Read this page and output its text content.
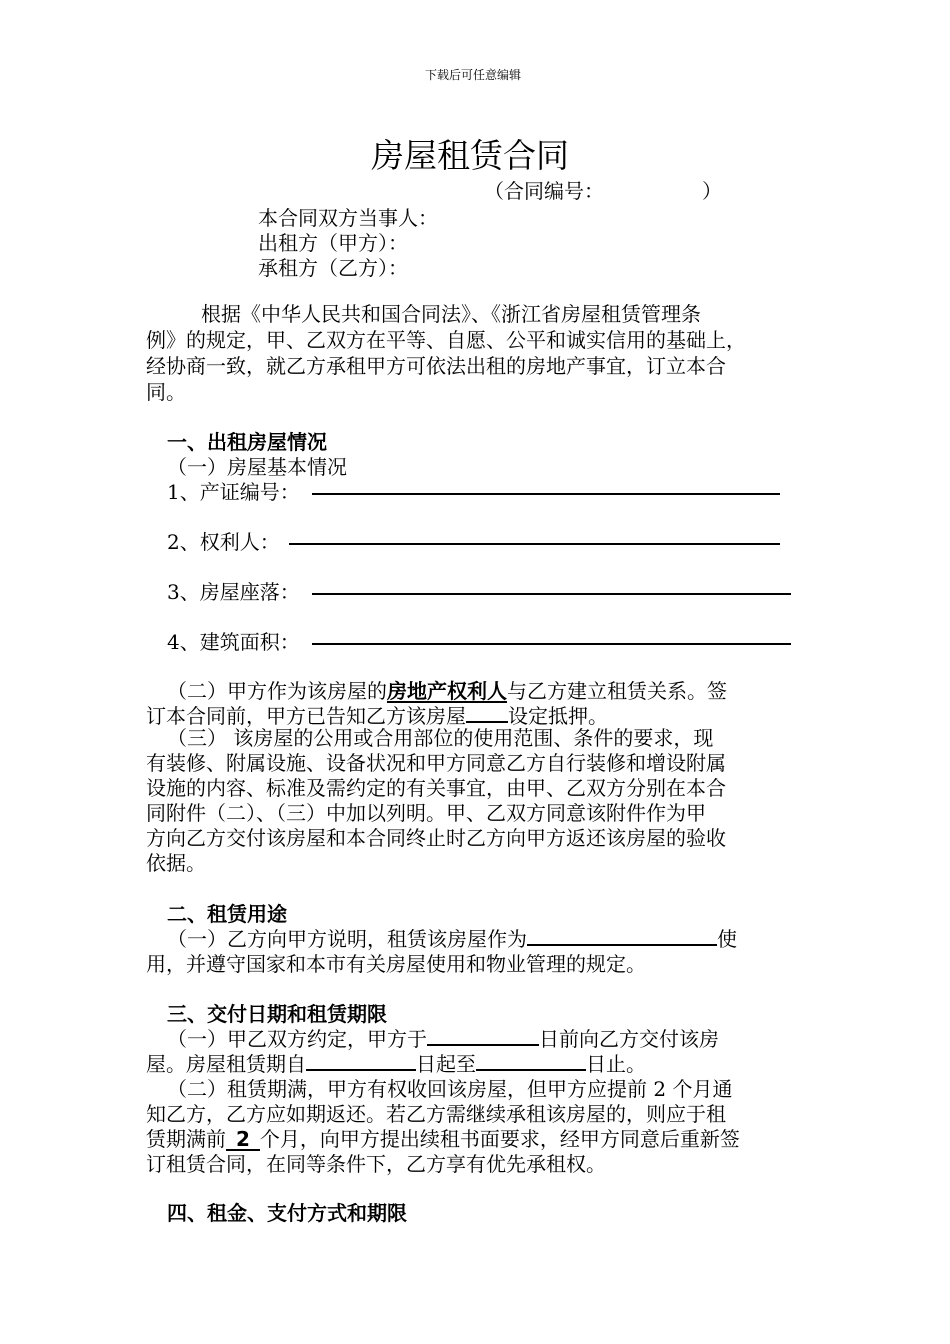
下载后可任意编辑
房屋租赁合同
（合同编号：	）
本合同双方当事人：
出租方（甲方）：
承租方（乙方）：
根据《中华人民共和国合同法》、《浙江省房屋租赁管理条
例》的规定，甲、乙双方在平等、自愿、公平和诚实信用的基础上，
经协商一致，就乙方承租甲方可依法出租的房地产事宜，订立本合
同。
一、出租房屋情况
（一）房屋基本情况
1、产证编号：
2、权利人：
3、房屋座落：
4、建筑面积：
（二）甲方作为该房屋的房地产权利人与乙方建立租赁关系。签
订本合同前，甲方已告知乙方该房屋 设定抵押。
（三） 该房屋的公用或合用部位的使用范围、条件的要求，现
有装修、附属设施、设备状况和甲方同意乙方自行装修和增设附属
设施的内容、标准及需约定的有关事宜，由甲、乙双方分别在本合
同附件（二）、（三）中加以列明。甲、乙双方同意该附件作为甲
方向乙方交付该房屋和本合同终止时乙方向甲方返还该房屋的验收
依据。
二、租赁用途
（一）乙方向甲方说明，租赁该房屋作为	使
用，并遵守国家和本市有关房屋使用和物业管理的规定。
三、交付日期和租赁期限
（一）甲乙双方约定，甲方于	日前向乙方交付该房
屋。房屋租赁期自	日起至	日止。
（二）租赁期满，甲方有权收回该房屋，但甲方应提前 2 个月通
知乙方，乙方应如期返还。若乙方需继续承租该房屋的，则应于租
赁期满前 2 个月，向甲方提出续租书面要求，经甲方同意后重新签
订租赁合同，在同等条件下，乙方享有优先承租权。
四、租金、支付方式和期限
